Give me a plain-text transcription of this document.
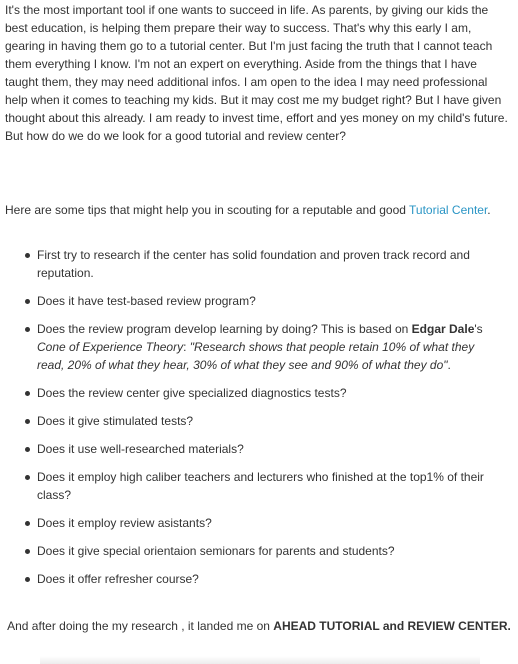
It's the most important tool if one wants to succeed in life. As parents, by giving our kids the best education, is helping them prepare their way to success. That's why this early I am, gearing in having them go to a tutorial center. But I'm just facing the truth that I cannot teach them everything I know. I'm not an expert on everything. Aside from the things that I have taught them, they may need additional infos. I am open to the idea I may need professional help when it comes to teaching my kids. But it may cost me my budget right? But I have given thought about this already. I am ready to invest time, effort and yes money on my child's future. But how do we do we look for a good tutorial and review center?

Here are some tips that might help you in scouting for a reputable and good Tutorial Center.

First try to research if the center has solid foundation and proven track record and reputation.
Does it have test-based review program?
Does the review program develop learning by doing? This is based on Edgar Dale's Cone of Experience Theory: "Research shows that people retain 10% of what they read, 20% of what they hear, 30% of what they see and 90% of what they do".
Does the review center give specialized diagnostics tests?
Does it give stimulated tests?
Does it use well-researched materials?
Does it employ high caliber teachers and lecturers who finished at the top1% of their class?
Does it employ review asistants?
Does it give special orientaion semionars for parents and students?
Does it offer refresher course?

And after doing the my research , it landed me on AHEAD TUTORIAL and REVIEW CENTER.
